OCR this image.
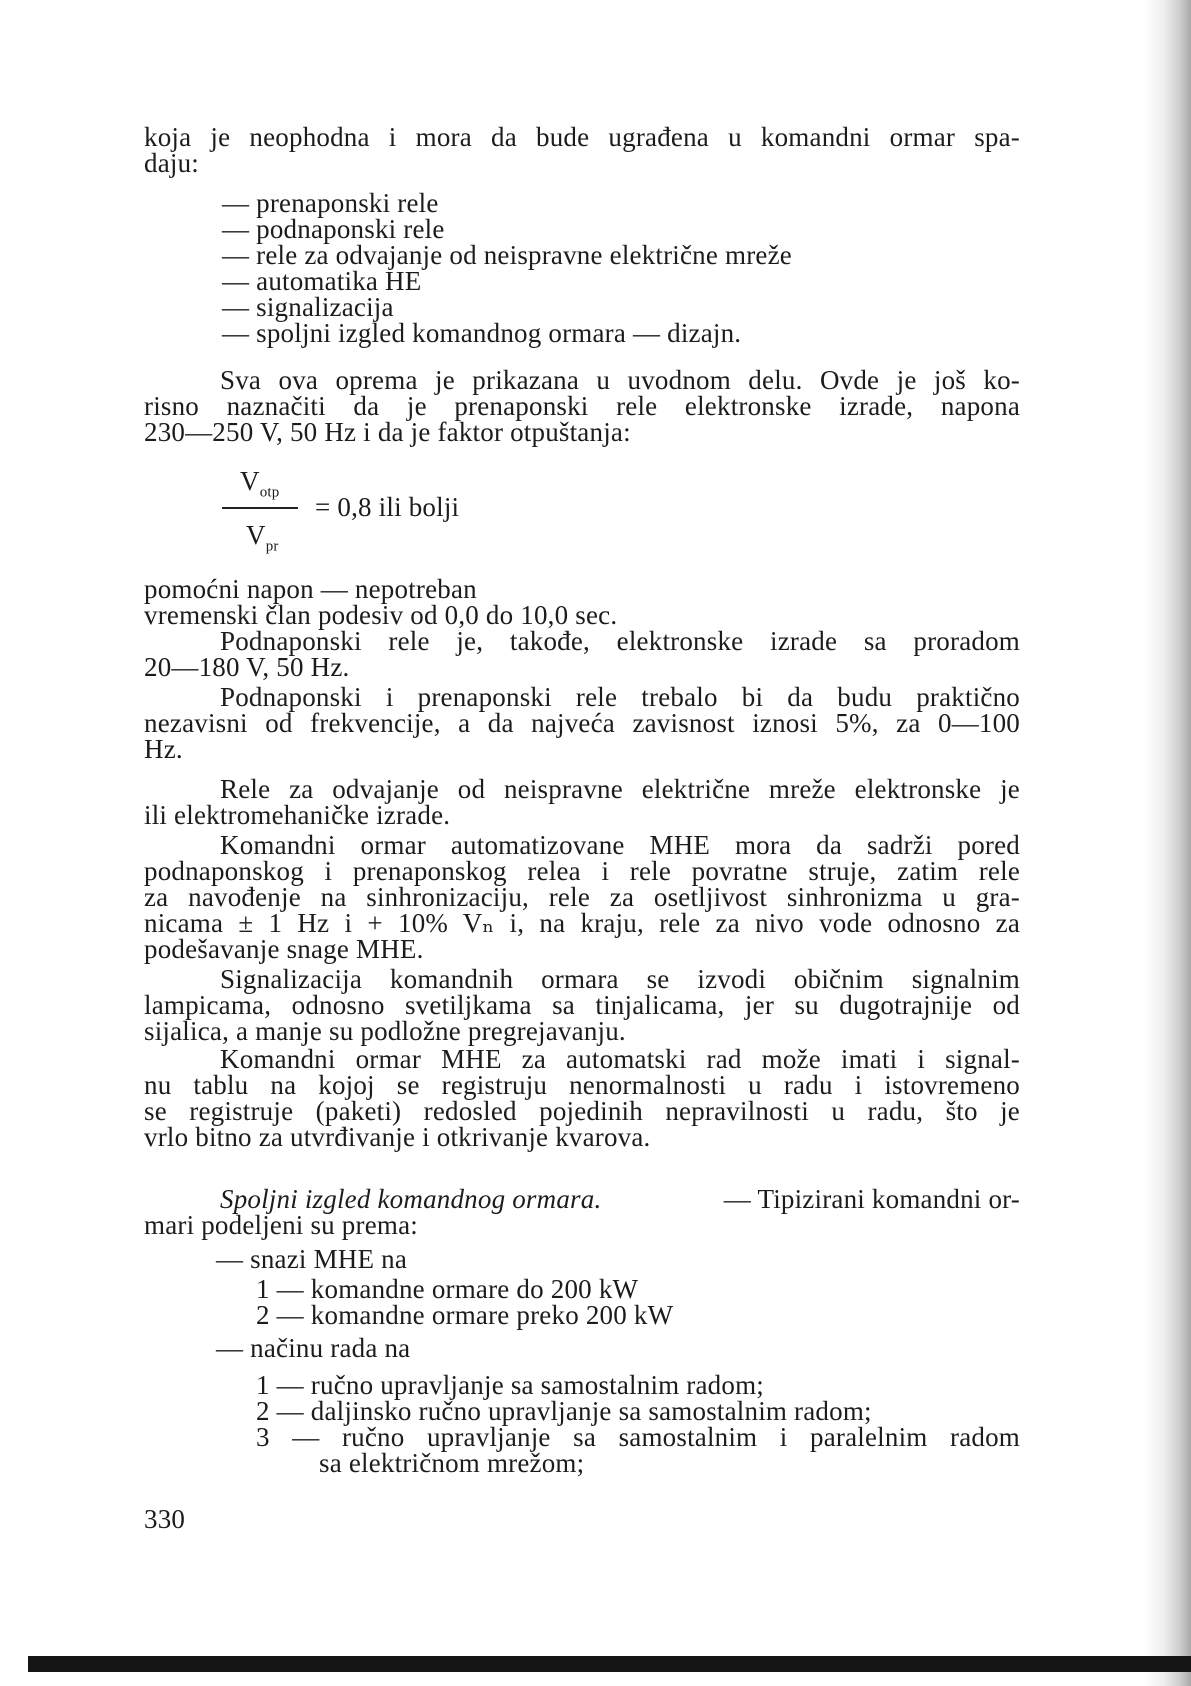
koja je neophodna i mora da bude ugrađena u komandni ormar spa-
daju:
— prenaponski rele
— podnaponski rele
— rele za odvajanje od neispravne električne mreže
— automatika HE
— signalizacija
— spoljni izgled komandnog ormara — dizajn.
Sva ova oprema je prikazana u uvodnom delu. Ovde je još ko-
risno naznačiti da je prenaponski rele elektronske izrade, napona
230—250 V, 50 Hz i da je faktor otpuštanja:
$V_{otp} = 0,8$ ili bolji
$V_{pr}$
pomoćni napon — nepotreban
vremenski član podesiv od 0,0 do 10,0 sec.
Podnaponski rele je, takođe, elektronske izrade sa proradom
20—180 V, 50 Hz.
Podnaponski i prenaponski rele trebalo bi da budu praktično
nezavisni od frekvencije, a da najveća zavisnost iznosi 5%, za 0—100
Hz.
Rele za odvajanje od neispravne električne mreže elektronske je
ili elektromehaničke izrade.
Komandni ormar automatizovane MHE mora da sadrži pored
podnaponskog i prenaponskog relea i rele povratne struje, zatim rele
za navođenje na sinhronizaciju, rele za osetljivost sinhronizma u gra-
nicama ± 1 Hz i + 10% Vₙ i, na kraju, rele za nivo vode odnosno za
podešavanje snage MHE.
Signalizacija komandnih ormara se izvodi običnim signalnim
lampicama, odnosno svetiljkama sa tinjalicama, jer su dugotrajnije od
sijalica, a manje su podložne pregrejavanju.
Komandni ormar MHE za automatski rad može imati i signal-
nu tablu na kojoj se registruju nenormalnosti u radu i istovremeno
se registruje (paketi) redosled pojedinih nepravilnosti u radu, što je
vrlo bitno za utvrđivanje i otkrivanje kvarova.
Spoljni izgled komandnog ormara.	— Tipizirani komandni or-
mari podeljeni su prema:
— snazi MHE na
1 — komandne ormare do 200 kW
2 — komandne ormare preko 200 kW
— načinu rada na
1 — ručno upravljanje sa samostalnim radom;
2 — daljinsko ručno upravljanje sa samostalnim radom;
3 — ručno upravljanje sa samostalnim i paralelnim radom
sa električnom mrežom;
330
